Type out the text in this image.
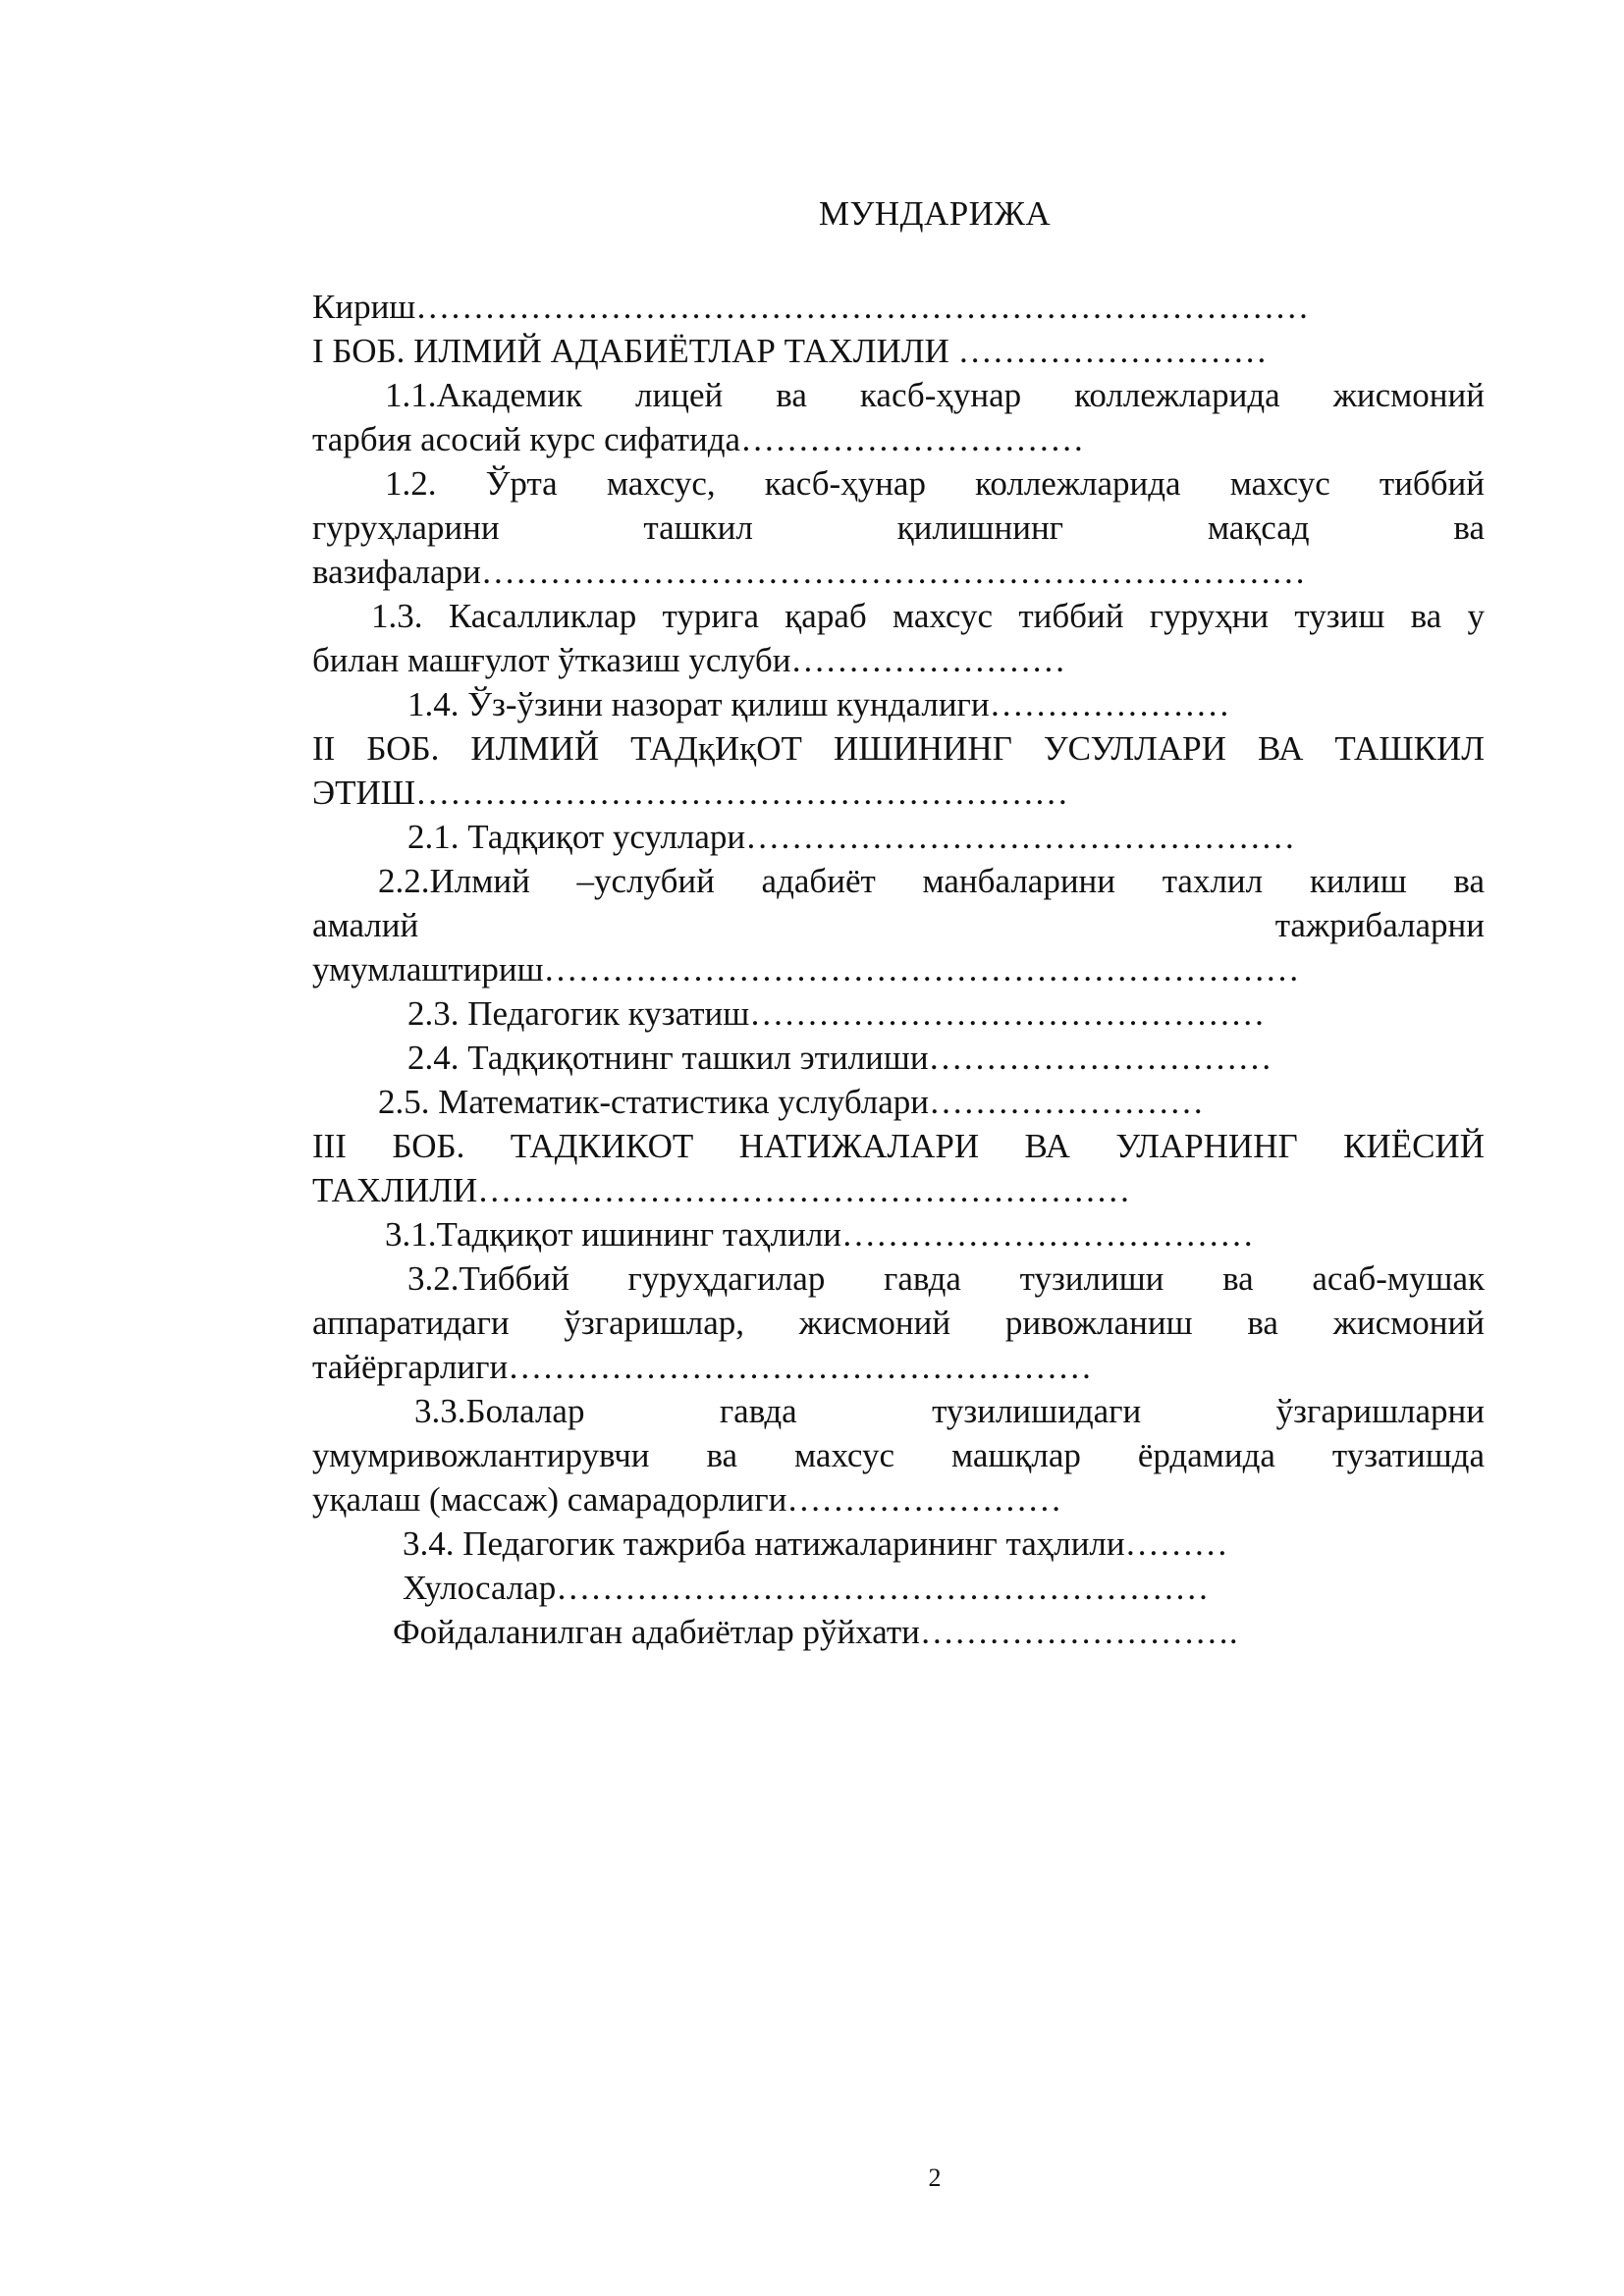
МУНДАРИЖА
Кириш……………………………………………………………………
I БОБ. ИЛМИЙ АДАБИЁТЛАР ТАХЛИЛИ ………………………
1.1.Академик лицей ва касб-ҳунар коллежларида жисмоний
тарбия асосий курс сифатида…………………………
1.2. Ўрта махсус, касб-ҳунар коллежларида махсус тиббий
гуруҳларини ташкил қилишнинг мақсад ва
вазифалари………………………………………………………………
1.3. Касалликлар турига қараб махсус тиббий гуруҳни тузиш ва у
билан машғулот ўтказиш услуби……………………
1.4. Ўз-ўзини назорат қилиш кундалиги…………………
II БОБ. ИЛМИЙ ТАДқИқОТ ИШИНИНГ УСУЛЛАРИ ВА ТАШКИЛ
ЭТИШ…………………………………………………
2.1. Тадқиқот усуллари…………………………………………
2.2.Илмий –услубий адабиёт манбаларини тахлил килиш ва
амалий тажрибаларни
умумлаштириш…………………………………………………………
2.3. Педагогик кузатиш………………………………………
2.4. Тадқиқотнинг ташкил этилиши…………………………
2.5. Математик-статистика услублари……………………
III БОБ. ТАДКИКОТ НАТИЖАЛАРИ ВА УЛАРНИНГ КИЁСИЙ
ТАХЛИЛИ…………………………………………………
3.1.Тадқиқот ишининг таҳлили………………………………
3.2.Тиббий гуруҳдагилар гавда тузилиши ва асаб-мушак
аппаратидаги ўзгаришлар, жисмоний ривожланиш ва жисмоний
тайёргарлиги……………………………………………
3.3.Болалар гавда тузилишидаги ўзгаришларни
умумривожлантирувчи ва махсус машқлар ёрдамида тузатишда
уқалаш (массаж) самарадорлиги……………………
3.4. Педагогик тажриба натижаларининг таҳлили………
Хулосалар…………………………………………………
Фойдаланилган адабиётлар рўйхати……………………….
2
